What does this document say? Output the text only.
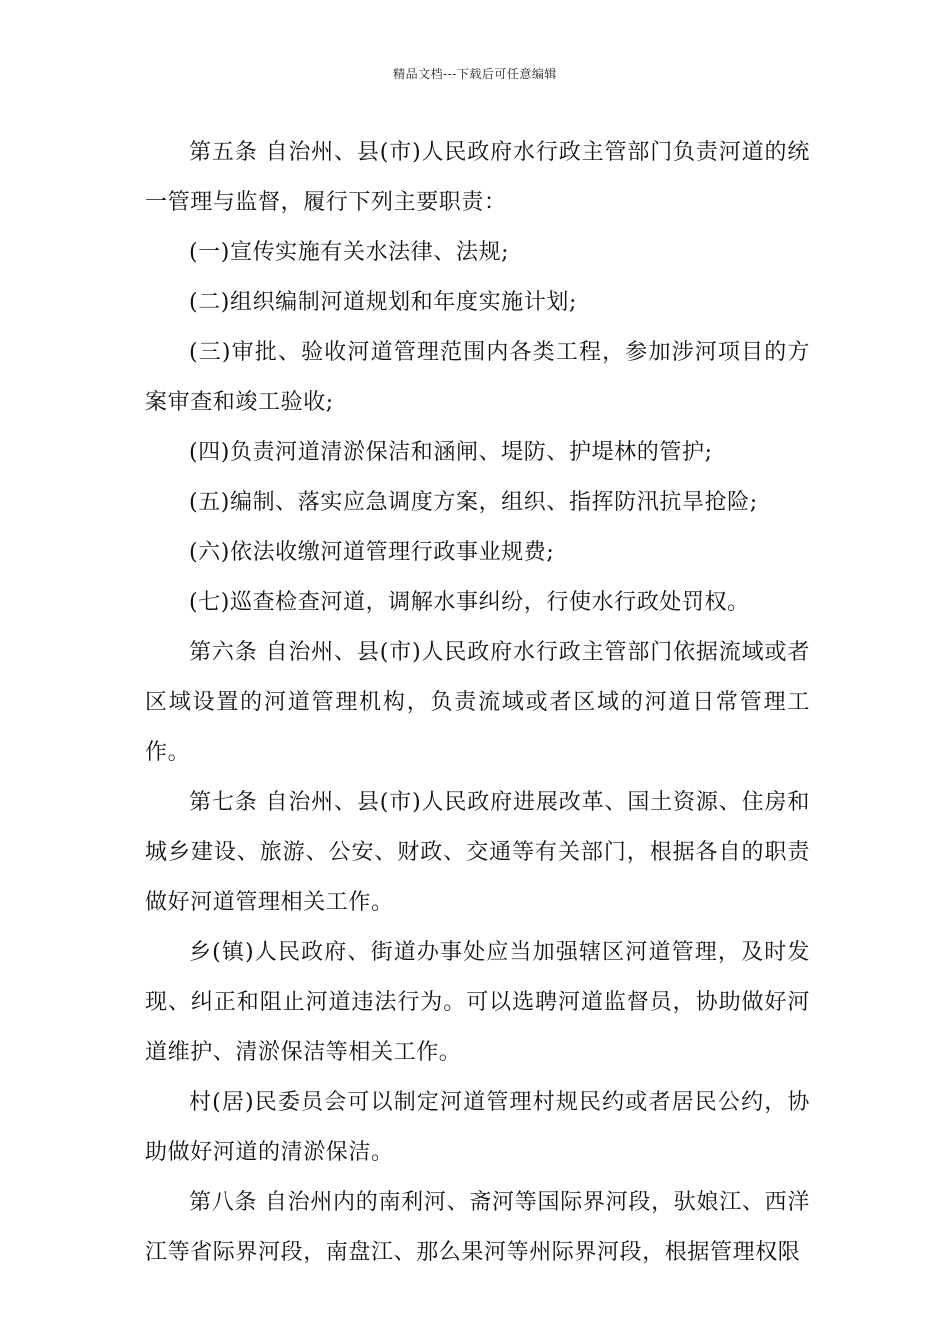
精品文档---下载后可任意编辑

第五条 自治州、县(市)人民政府水行政主管部门负责河道的统一管理与监督，履行下列主要职责：

(一)宣传实施有关水法律、法规;

(二)组织编制河道规划和年度实施计划;

(三)审批、验收河道管理范围内各类工程，参加涉河项目的方案审查和竣工验收;

(四)负责河道清淤保洁和涵闸、堤防、护堤林的管护;

(五)编制、落实应急调度方案，组织、指挥防汛抗旱抢险;

(六)依法收缴河道管理行政事业规费;

(七)巡查检查河道，调解水事纠纷，行使水行政处罚权。

第六条 自治州、县(市)人民政府水行政主管部门依据流域或者区域设置的河道管理机构，负责流域或者区域的河道日常管理工作。

第七条 自治州、县(市)人民政府进展改革、国土资源、住房和城乡建设、旅游、公安、财政、交通等有关部门，根据各自的职责做好河道管理相关工作。

乡(镇)人民政府、街道办事处应当加强辖区河道管理，及时发现、纠正和阻止河道违法行为。可以选聘河道监督员，协助做好河道维护、清淤保洁等相关工作。

村(居)民委员会可以制定河道管理村规民约或者居民公约，协助做好河道的清淤保洁。

第八条 自治州内的南利河、斋河等国际界河段，驮娘江、西洋江等省际界河段，南盘江、那么果河等州际界河段，根据管理权限
